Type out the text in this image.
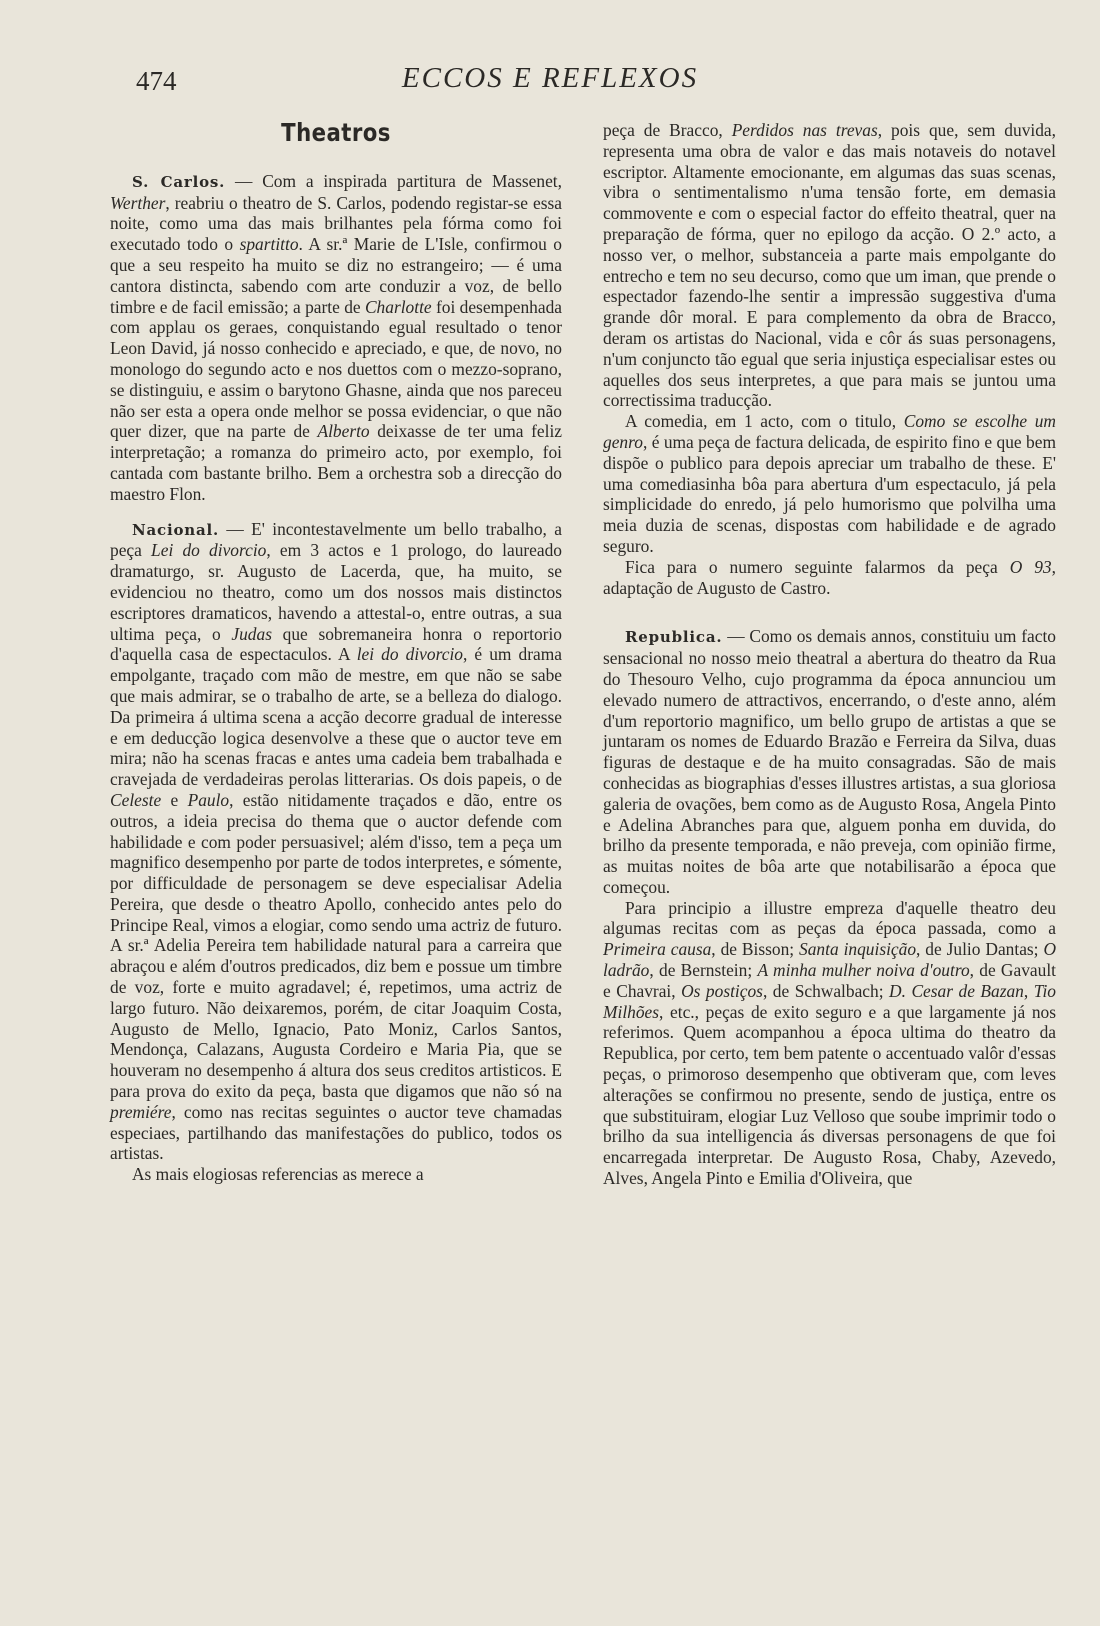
474	ECCOS E REFLEXOS
Theatros

S. Carlos. — Com a inspirada partitura de Massenet, Werther, reabriu o theatro de S. Carlos, podendo registar-se essa noite, como uma das mais brilhantes pela fórma como foi executado todo o spartitto. A sr.ª Marie de L'Isle, confirmou o que a seu respeito ha muito se diz no estrangeiro; — é uma cantora distincta, sabendo com arte conduzir a voz, de bello timbre e de facil emissão; a parte de Charlotte foi desempenhada com applau os geraes, conquistando egual resultado o tenor Leon David, já nosso conhecido e apreciado, e que, de novo, no monologo do segundo acto e nos duettos com o mezzo-soprano, se distinguiu, e assim o barytono Ghasne, ainda que nos pareceu não ser esta a opera onde melhor se possa evidenciar, o que não quer dizer, que na parte de Alberto deixasse de ter uma feliz interpretação; a romanza do primeiro acto, por exemplo, foi cantada com bastante brilho. Bem a orchestra sob a direcção do maestro Flon.

Nacional. — E' incontestavelmente um bello trabalho, a peça Lei do divorcio, em 3 actos e 1 prologo, do laureado dramaturgo, sr. Augusto de Lacerda, que, ha muito, se evidenciou no theatro, como um dos nossos mais distinctos escriptores dramaticos, havendo a attestal-o, entre outras, a sua ultima peça, o Judas que sobremaneira honra o reportorio d'aquella casa de espectaculos. A lei do divorcio, é um drama empolgante, traçado com mão de mestre, em que não se sabe que mais admirar, se o trabalho de arte, se a belleza do dialogo. Da primeira á ultima scena a acção decorre gradual de interesse e em deducção logica desenvolve a these que o auctor teve em mira; não ha scenas fracas e antes uma cadeia bem trabalhada e cravejada de verdadeiras perolas litterarias. Os dois papeis, o de Celeste e Paulo, estão nitidamente traçados e dão, entre os outros, a ideia precisa do thema que o auctor defende com habilidade e com poder persuasivel; além d'isso, tem a peça um magnifico desempenho por parte de todos interpretes, e sómente, por difficuldade de personagem se deve especialisar Adelia Pereira, que desde o theatro Apollo, conhecido antes pelo do Principe Real, vimos a elogiar, como sendo uma actriz de futuro. A sr.ª Adelia Pereira tem habilidade natural para a carreira que abraçou e além d'outros predicados, diz bem e possue um timbre de voz, forte e muito agradavel; é, repetimos, uma actriz de largo futuro. Não deixaremos, porém, de citar Joaquim Costa, Augusto de Mello, Ignacio, Pato Moniz, Carlos Santos, Mendonça, Calazans, Augusta Cordeiro e Maria Pia, que se houveram no desempenho á altura dos seus creditos artisticos. E para prova do exito da peça, basta que digamos que não só na premiére, como nas recitas seguintes o auctor teve chamadas especiaes, partilhando das manifestações do publico, todos os artistas.

As mais elogiosas referencias as merece a

peça de Bracco, Perdidos nas trevas, pois que, sem duvida, representa uma obra de valor e das mais notaveis do notavel escriptor. Altamente emocionante, em algumas das suas scenas, vibra o sentimentalismo n'uma tensão forte, em demasia commovente e com o especial factor do effeito theatral, quer na preparação de fórma, quer no epilogo da acção. O 2.º acto, a nosso ver, o melhor, substanceia a parte mais empolgante do entrecho e tem no seu decurso, como que um iman, que prende o espectador fazendo-lhe sentir a impressão suggestiva d'uma grande dôr moral. E para complemento da obra de Bracco, deram os artistas do Nacional, vida e côr ás suas personagens, n'um conjuncto tão egual que seria injustiça especialisar estes ou aquelles dos seus interpretes, a que para mais se juntou uma correctissima traducção.

A comedia, em 1 acto, com o titulo, Como se escolhe um genro, é uma peça de factura delicada, de espirito fino e que bem dispõe o publico para depois apreciar um trabalho de these. E' uma comediasinha bôa para abertura d'um espectaculo, já pela simplicidade do enredo, já pelo humorismo que polvilha uma meia duzia de scenas, dispostas com habilidade e de agrado seguro.

Fica para o numero seguinte falarmos da peça O 93, adaptação de Augusto de Castro.

Republica. — Como os demais annos, constituiu um facto sensacional no nosso meio theatral a abertura do theatro da Rua do Thesouro Velho, cujo programma da época annunciou um elevado numero de attractivos, encerrando, o d'este anno, além d'um reportorio magnifico, um bello grupo de artistas a que se juntaram os nomes de Eduardo Brazão e Ferreira da Silva, duas figuras de destaque e de ha muito consagradas. São de mais conhecidas as biographias d'esses illustres artistas, a sua gloriosa galeria de ovações, bem como as de Augusto Rosa, Angela Pinto e Adelina Abranches para que, alguem ponha em duvida, do brilho da presente temporada, e não preveja, com opinião firme, as muitas noites de bôa arte que notabilisarão a época que começou.

Para principio a illustre empreza d'aquelle theatro deu algumas recitas com as peças da época passada, como a Primeira causa, de Bisson; Santa inquisição, de Julio Dantas; O ladrão, de Bernstein; A minha mulher noiva d'outro, de Gavault e Chavrai, Os postiços, de Schwalbach; D. Cesar de Bazan, Tio Milhões, etc., peças de exito seguro e a que largamente já nos referimos. Quem acompanhou a época ultima do theatro da Republica, por certo, tem bem patente o accentuado valôr d'essas peças, o primoroso desempenho que obtiveram que, com leves alterações se confirmou no presente, sendo de justiça, entre os que substituiram, elogiar Luz Velloso que soube imprimir todo o brilho da sua intelligencia ás diversas personagens de que foi encarregada interpretar. De Augusto Rosa, Chaby, Azevedo, Alves, Angela Pinto e Emilia d'Oliveira, que
